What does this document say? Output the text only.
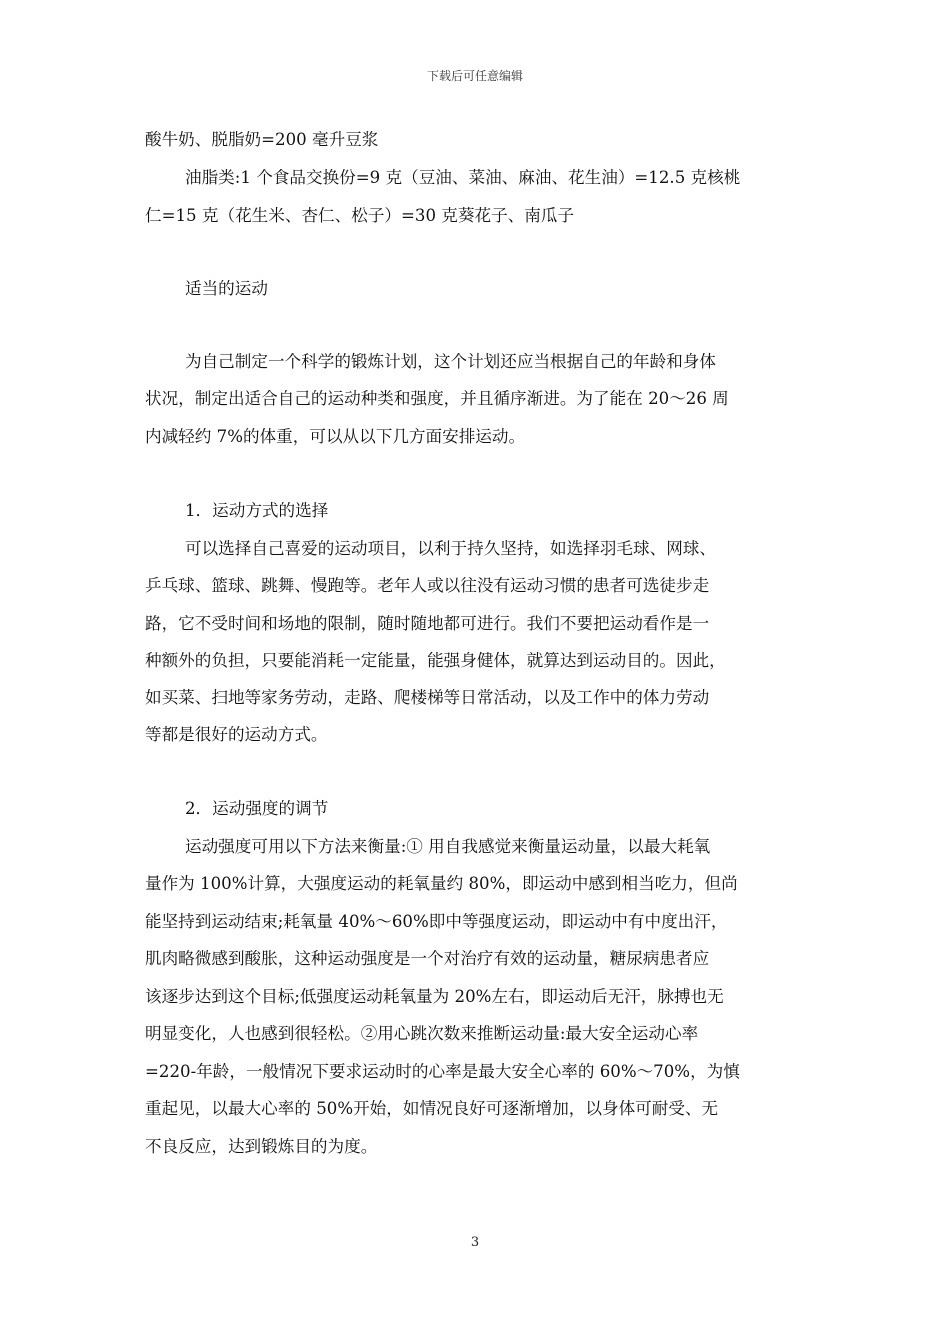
下载后可任意编辑
酸牛奶、脱脂奶=200 毫升豆浆
油脂类:1 个食品交换份=9 克（豆油、菜油、麻油、花生油）=12.5 克核桃
仁=15 克（花生米、杏仁、松子）=30 克葵花子、南瓜子
适当的运动
为自己制定一个科学的锻炼计划，这个计划还应当根据自己的年龄和身体
状况，制定出适合自己的运动种类和强度，并且循序渐进。为了能在 20～26 周
内减轻约 7%的体重，可以从以下几方面安排运动。
1．运动方式的选择
可以选择自己喜爱的运动项目，以利于持久坚持，如选择羽毛球、网球、
乒乓球、篮球、跳舞、慢跑等。老年人或以往没有运动习惯的患者可选徒步走
路，它不受时间和场地的限制，随时随地都可进行。我们不要把运动看作是一
种额外的负担，只要能消耗一定能量，能强身健体，就算达到运动目的。因此，
如买菜、扫地等家务劳动，走路、爬楼梯等日常活动，以及工作中的体力劳动
等都是很好的运动方式。
2．运动强度的调节
运动强度可用以下方法来衡量:① 用自我感觉来衡量运动量，以最大耗氧
量作为 100%计算，大强度运动的耗氧量约 80%，即运动中感到相当吃力，但尚
能坚持到运动结束;耗氧量 40%～60%即中等强度运动，即运动中有中度出汗，
肌肉略微感到酸胀，这种运动强度是一个对治疗有效的运动量，糖尿病患者应
该逐步达到这个目标;低强度运动耗氧量为 20%左右，即运动后无汗，脉搏也无
明显变化，人也感到很轻松。②用心跳次数来推断运动量:最大安全运动心率
=220-年龄，一般情况下要求运动时的心率是最大安全心率的 60%～70%，为慎
重起见，以最大心率的 50%开始，如情况良好可逐渐增加，以身体可耐受、无
不良反应，达到锻炼目的为度。
3
